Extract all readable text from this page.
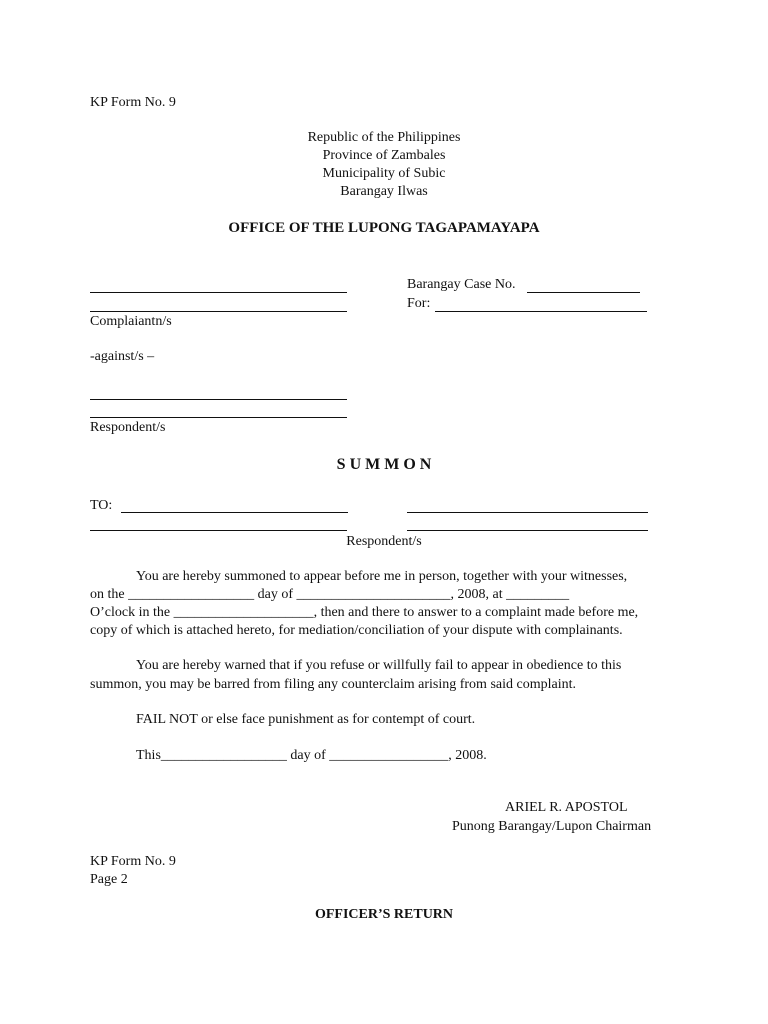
KP Form No. 9
Republic of the Philippines
Province of Zambales
Municipality of Subic
Barangay Ilwas
OFFICE OF THE LUPONG TAGAPAMAYAPA
Complaiantn/s
Barangay Case No.
For:
-against/s –
Respondent/s
S U M M O N
TO:
Respondent/s
You are hereby summoned to appear before me in person, together with your witnesses,
on the __________________ day of ______________________, 2008, at _________
O’clock in the ____________________, then and there to answer to a complaint made before me,
copy of which is attached hereto, for mediation/conciliation of your dispute with complainants.
You are hereby warned that if you refuse or willfully fail to appear in obedience to this
summon, you may be barred from filing any counterclaim arising from said complaint.
FAIL NOT or else face punishment as for contempt of court.
This__________________ day of _________________, 2008.
ARIEL R. APOSTOL
Punong Barangay/Lupon Chairman
KP Form No. 9
Page 2
OFFICER’S RETURN
